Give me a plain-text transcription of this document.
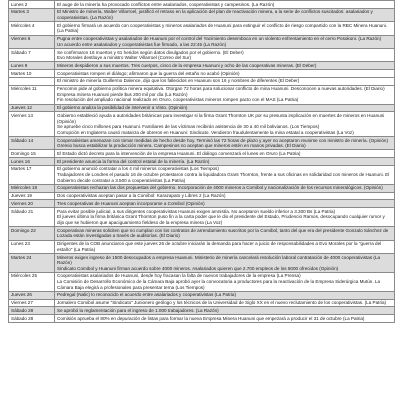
Lunes 2	El auge de la minería ha provocado conflictos entre asalariados, cooperativistas y campesinos. (La Razón)

Martes 3	El Ministro de minería, Walter Villarroel, justificó el retraso en la aplicación del plan de reactivación minera, a la serie de conflictos suscitados: asalariados y cooperativistas. (La Razón)

Miércoles 4	El gobierno firmará un acuerdo con cooperativistas y mineros asalariados de Huanuni para extinguir el conflicto de riesgo compartido con la RBC Minera Huanuni. (La Patria)

Viernes 6	Pugna entre cooperativistas y asalariados de Huanuni por el control del Yacimiento desemboca en un violento enfrentamiento en el cerro Posokoni. (La Razón)

Un acuerdo entre asalariados y cooperativistas fue firmado, a las 22:45 (La Razón)

Sábado 7	Se confirmaron 16 muertos y 61 heridos según datos divulgados por el gobierno. (El Deber)

Evo Morales destituye a ministro Walter Villarroel (Correo del Sur)

Lunes 9	Mineros despidieron a sus muertos. Tres cuerpos, cinco de la empresa Huanuni y ocho de las cooperativas mineras. (El Deber)

Martes 10	Cooperativistas rompen el diálogo; afirmaron que la guerra del estaño no acabó (Opinión)

	El ministro de minería Guillermo Dalence, dijo que los fallecidos en Huanuni son 16 y nombres de diferentes (El Deber)

Miércoles 11	Fencomin pide al gobierno política minera equitativa. Otorgan 72 horas para solucionar conflicto de mina Huanuni. Desconocen a nuevas autoridades. (El Diario)

Empresa minera Huanuni pierde $us 200 mil por día (La Razón)

Fin resolución del ampliado nacional realizado en Oruro, cooperativistas mineros rompen pacto con el MAS (La Patria)

Jueves 12	El gobierno analiza la posibilidad de intervenir a Vinto. (Opinión)

Viernes 13	Gobierno estableció ayuda a autoridades británicas para investigar si la firma Grant Thornton UK por su presunta implicación en muertes de mineros en Huanuni (Opinión)

Se apruebe cinco millones para Huanuni. Familiares de las víctimas recibirán asistencia de 30 a 40 mil bolivianos. (Los Tiempos)

Corrupción en Inglaterra causó matanza de obreros en Huanuni: Sindicato. Vendieron fraudulentamente la mina estatal a cooperativistas (La Voz)

Sábado 14	Cooperativistas amenazan con tomar medidas de hecho desde hoy. Terminó las 72 horas de plazo y ayer no aceptaron reunirse con ministro de minería. (Opinión)

Gremio busca estabilizar la producción minera. Campesinos no aceptan que mineros estén en manos privadas. (El Diario)

Domingo 15	El Estado dictó decreto para la intervención de la empresa Huanuni. El diálogo comenzará el lunes en Oruro (La Patria)

Lunes 16	El presidente anuncia la forma del control estatal de la minería. (La Razón)

Martes 17	El gobierno anunció contratar a los 4 mil mineros cooperativistas (Los Tiempos)

Trabajadores de Londres el pasado 16 de octubre protestaron contra la liquidadora Grant Thornton, frente a sus oficinas en solidaridad con mineros de Huanuni. El Gobierno decide contratar a 3.500 a cooperativistas (La Patria)

Miércoles 18	Cooperativistas rechazan las dos propuestas del gobierno. Incorporación de 4000 mineros a Comibol y nacionalización de los recursos mineralógicos. (Opinión)

Jueves 19	Dos cooperativistas aceptan pasar a la Comibol: Karazapato y Libres 2 (La Razón)

Viernes 20	Tres cooperativas de Huanuni aceptan incorporarse a Comibol (Opinión)

Sábado 21	Para evitar posible judicial, a sus dirigentes cooperativistas Huanuni exigen amnistía. No aceptaron sueldo inferior a 3.300 Bs (La Patria)

El jueves último la firma británica Grant Thornton puso fin a la carta poder que le dio el presidente del Estado, Prudencio Ramos, desocupando cualquier rumor y dijo que se hubieron que apaciguamiento fieldeso de la empresa minera (La Voz)

Domingo 22	Cooperativas mineras soliciten que no cumplan con los contratos de arrendamiento suscritos por la Comibol, tanto del que era del presidente Gonzalo Sánchez de Lozada están investigadas a través de auditorías. (El Diario)

Lunes 23	Dirigentes de la COB anunciaron que este jueves 26 de octubre iniciarán la demanda para hacer a juicio de responsabilidades a Evo Morales por la "guerra del estaño" (La Patria)

Martes 24	Mineros exigen ingreso de 1500 desocupados a empresa Huanuni. Ministerio de minería cancelará resolución laboral contratación de 4000 cooperativistas (La Razón)

Sindicato Comibol y Huanuni firman acuerdo sobre 4000 mineros. Asalariados quieren que 2.700 empleos de los 5000 ofrecidos (Opinión)

Miércoles 25	Cooperativistas asalariados de Huanuni, desde hoy fracasan la falta de nuevos trabajadores de la empresa (La Prensa)

La Comisión de Desarrollo Económico de la Cámara Baja aprobó ayer la convocatoria a productores para la reactivación de la Empresa Siderúrgica Mutún. La Cámara Baja elegirá a profesionales para presentar terna (Los Tiempos)

Jueves 26	Pedregal (Nalic) lo reconocido el acuerdo entre asalariados y cooperativistas (La Patria)

Viernes 27	Jornalero Comibol asume "Sindicato" Junionero geólogo y los técnicos de la Universidad de Siglo XX en el nuevo reclutamiento de los cooperativistas. (La Patria)

Sábado 28	Se aprobó la reglamentación para el ingreso de 1.000 trabajadores. (La Razón)

Sábado 28	Comisión aprueba el 80% en depuración de listas para formar la nueva Empresa Minera Huanuni que empezará a producir el 31 de octubre (La Patria)
